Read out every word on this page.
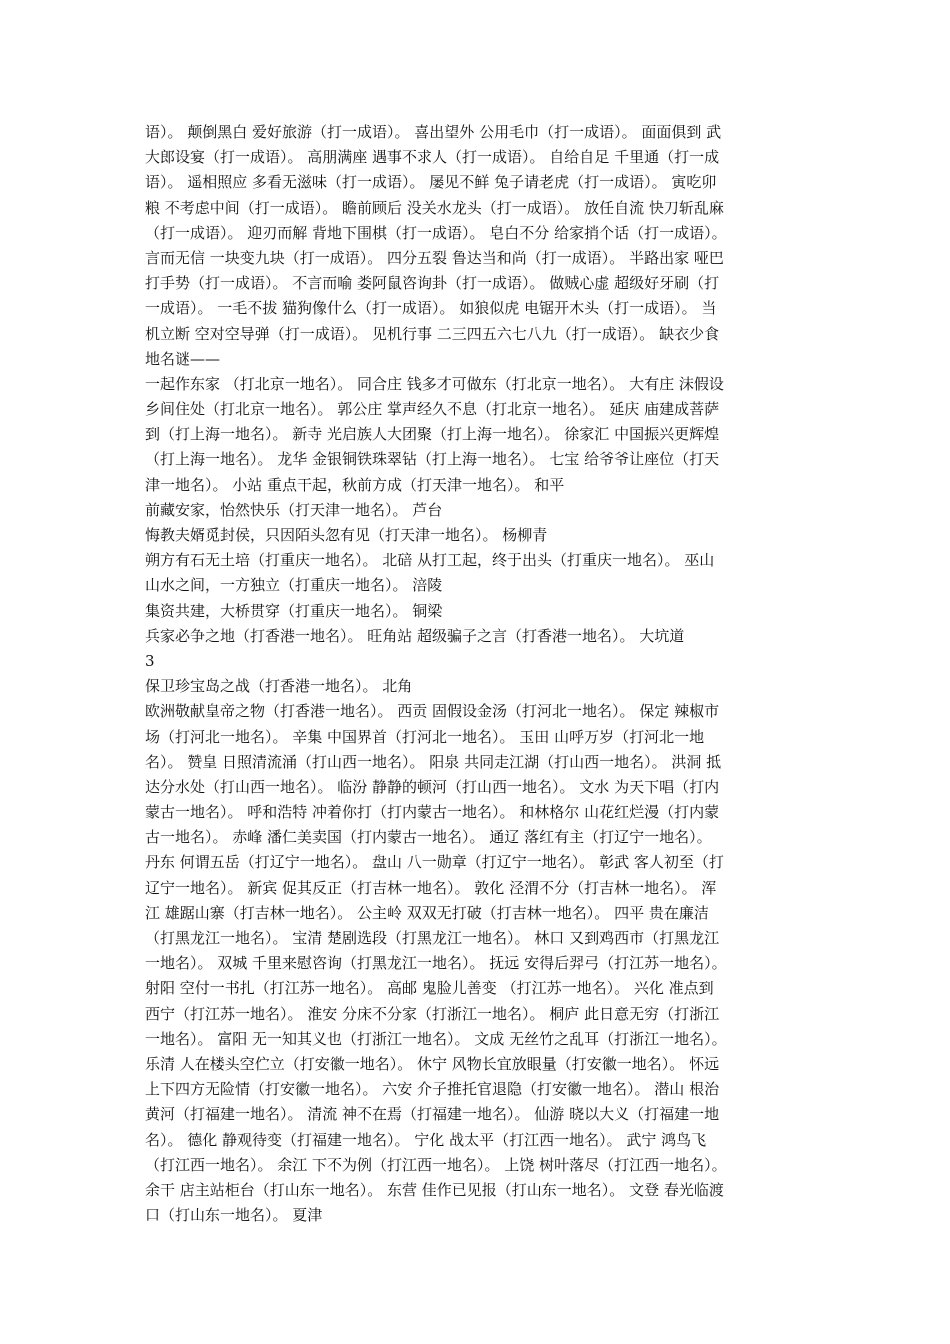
语）。 颠倒黑白 爱好旅游（打一成语）。 喜出望外 公用毛巾（打一成语）。 面面俱到 武
大郎设宴（打一成语）。 高朋满座 遇事不求人（打一成语）。 自给自足 千里通（打一成
语）。 遥相照应 多看无滋味（打一成语）。 屡见不鲜 兔子请老虎（打一成语）。 寅吃卯
粮 不考虑中间（打一成语）。 瞻前顾后 没关水龙头（打一成语）。 放任自流 快刀斩乱麻
（打一成语）。 迎刃而解 背地下围棋（打一成语）。 皂白不分 给家捎个话（打一成语）。
言而无信 一块变九块（打一成语）。 四分五裂 鲁达当和尚（打一成语）。 半路出家 哑巴
打手势（打一成语）。 不言而喻 娄阿鼠咨询卦（打一成语）。 做贼心虚 超级好牙刷（打
一成语）。 一毛不拔 猫狗像什么（打一成语）。 如狼似虎 电锯开木头（打一成语）。 当
机立断 空对空导弹（打一成语）。 见机行事 二三四五六七八九（打一成语）。 缺衣少食
地名谜——
一起作东家 （打北京一地名）。 同合庄 钱多才可做东（打北京一地名）。 大有庄 沫假设
乡间住处（打北京一地名）。 郭公庄 掌声经久不息（打北京一地名）。 延庆 庙建成菩萨
到（打上海一地名）。 新寺 光启族人大团聚（打上海一地名）。 徐家汇 中国振兴更辉煌
（打上海一地名）。 龙华 金银铜铁珠翠钻（打上海一地名）。 七宝 给爷爷让座位（打天
津一地名）。 小站 重点干起，秋前方成（打天津一地名）。 和平
前藏安家，怡然快乐（打天津一地名）。 芦台
悔教夫婿觅封侯，只因陌头忽有见（打天津一地名）。 杨柳青
朔方有石无土培（打重庆一地名）。 北碚 从打工起，终于出头（打重庆一地名）。 巫山
山水之间，一方独立（打重庆一地名）。 涪陵
集资共建，大桥贯穿（打重庆一地名）。 铜梁
兵家必争之地（打香港一地名）。 旺角站 超级骗子之言（打香港一地名）。 大坑道
3
保卫珍宝岛之战（打香港一地名）。 北角
欧洲敬献皇帝之物（打香港一地名）。 西贡 固假设金汤（打河北一地名）。 保定 辣椒市
场（打河北一地名）。 辛集 中国界首（打河北一地名）。 玉田 山呼万岁（打河北一地
名）。 赞皇 日照清流涌（打山西一地名）。 阳泉 共同走江湖（打山西一地名）。 洪洞 抵
达分水处（打山西一地名）。 临汾 静静的顿河（打山西一地名）。 文水 为天下唱（打内
蒙古一地名）。 呼和浩特 冲着你打（打内蒙古一地名）。 和林格尔 山花红烂漫（打内蒙
古一地名）。 赤峰 潘仁美卖国（打内蒙古一地名）。 通辽 落红有主（打辽宁一地名）。
丹东 何谓五岳（打辽宁一地名）。 盘山 八一勋章（打辽宁一地名）。 彰武 客人初至（打
辽宁一地名）。 新宾 促其反正（打吉林一地名）。 敦化 泾渭不分（打吉林一地名）。 浑
江 雄踞山寨（打吉林一地名）。 公主岭 双双无打破（打吉林一地名）。 四平 贵在廉洁
（打黑龙江一地名）。 宝清 楚剧选段（打黑龙江一地名）。 林口 又到鸡西市（打黑龙江
一地名）。 双城 千里来慰咨询（打黑龙江一地名）。 抚远 安得后羿弓（打江苏一地名）。
射阳 空付一书扎（打江苏一地名）。 高邮 鬼脸儿善变 （打江苏一地名）。 兴化 准点到
西宁（打江苏一地名）。 淮安 分床不分家（打浙江一地名）。 桐庐 此日意无穷（打浙江
一地名）。 富阳 无一知其义也（打浙江一地名）。 文成 无丝竹之乱耳（打浙江一地名）。
乐清 人在楼头空伫立（打安徽一地名）。 休宁 风物长宜放眼量（打安徽一地名）。 怀远
上下四方无险情（打安徽一地名）。 六安 介子推托官退隐（打安徽一地名）。 潜山 根治
黄河（打福建一地名）。 清流 神不在焉（打福建一地名）。 仙游 晓以大义（打福建一地
名）。 德化 静观待变（打福建一地名）。 宁化 战太平（打江西一地名）。 武宁 鸿鸟飞
（打江西一地名）。 余江 下不为例（打江西一地名）。 上饶 树叶落尽（打江西一地名）。
余干 店主站柜台（打山东一地名）。 东营 佳作已见报（打山东一地名）。 文登 春光临渡
口（打山东一地名）。 夏津
